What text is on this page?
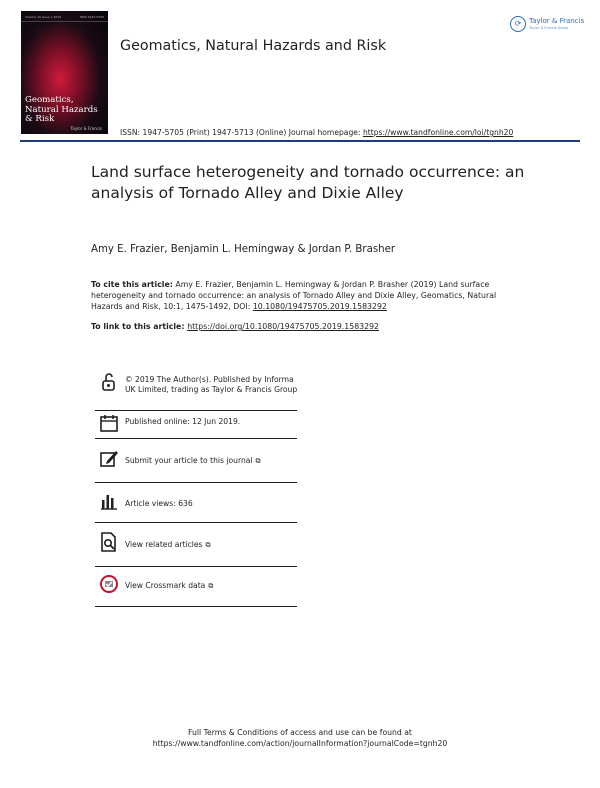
Volume 10 Issue 1 2019	ISSN 1947-5705
Geomatics, Natural Hazards & Risk
Taylor & Francis
Geomatics, Natural Hazards and Risk
⟳	Taylor & Francis
Taylor & Francis Group
ISSN: 1947-5705 (Print) 1947-5713 (Online) Journal homepage: https://www.tandfonline.com/loi/tgnh20
Land surface heterogeneity and tornado occurrence: an analysis of Tornado Alley and Dixie Alley
Amy E. Frazier, Benjamin L. Hemingway & Jordan P. Brasher
To cite this article: Amy E. Frazier, Benjamin L. Hemingway & Jordan P. Brasher (2019) Land surface heterogeneity and tornado occurrence: an analysis of Tornado Alley and Dixie Alley, Geomatics, Natural Hazards and Risk, 10:1, 1475-1492, DOI: 10.1080/19475705.2019.1583292
To link to this article: https://doi.org/10.1080/19475705.2019.1583292
© 2019 The Author(s). Published by Informa UK Limited, trading as Taylor & Francis Group
Published online: 12 Jun 2019.
Submit your article to this journal ⧉
Article views: 636
View related articles ⧉
View Crossmark data ⧉
Full Terms & Conditions of access and use can be found at
https://www.tandfonline.com/action/journalInformation?journalCode=tgnh20
